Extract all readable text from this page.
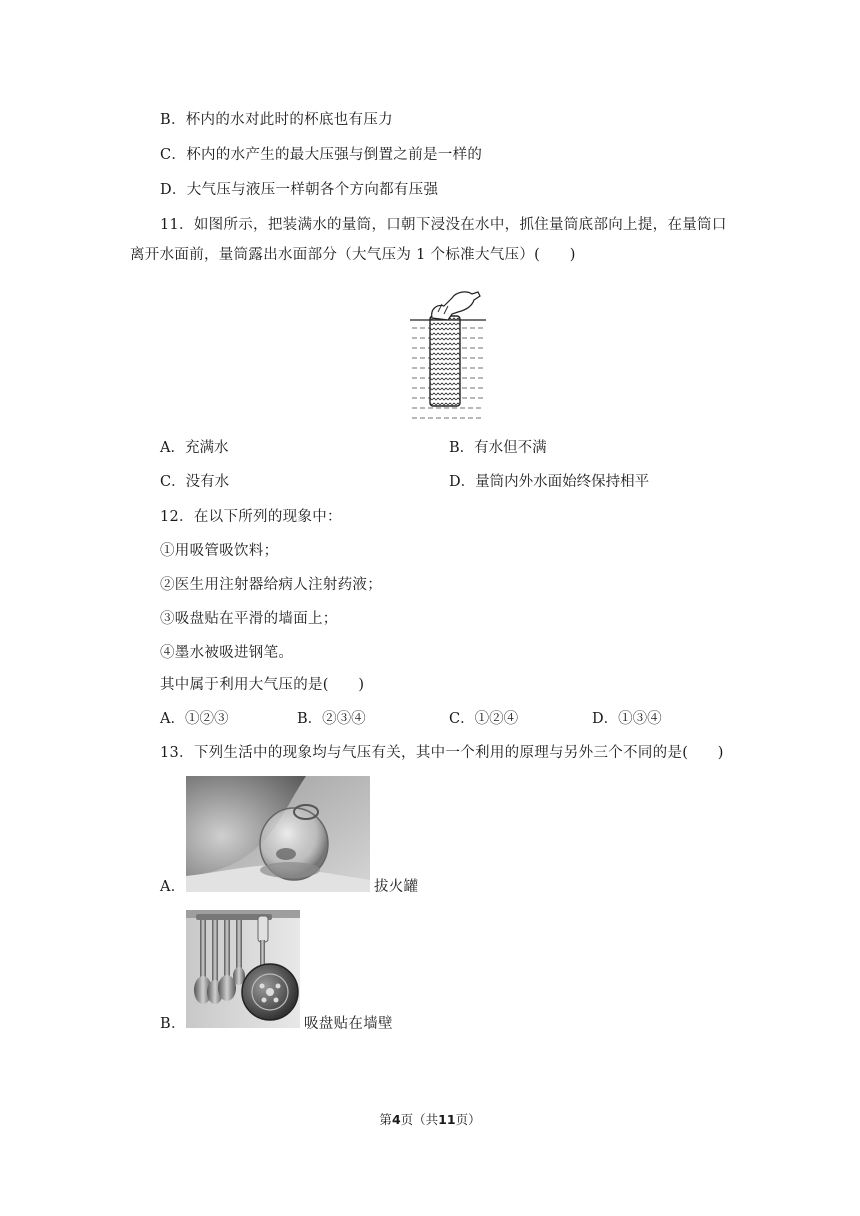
B．杯内的水对此时的杯底也有压力
C．杯内的水产生的最大压强与倒置之前是一样的
D．大气压与液压一样朝各个方向都有压强
11．如图所示，把装满水的量筒，口朝下浸没在水中，抓住量筒底部向上提，在量筒口
离开水面前，量筒露出水面部分（大气压为 1 个标准大气压）(　　)
A．充满水	B．有水但不满
C．没有水	D．量筒内外水面始终保持相平
12．在以下所列的现象中：
①用吸管吸饮料；
②医生用注射器给病人注射药液；
③吸盘贴在平滑的墙面上；
④墨水被吸进钢笔。
其中属于利用大气压的是(　　)
A．①②③	B．②③④	C．①②④	D．①③④
13．下列生活中的现象均与气压有关，其中一个利用的原理与另外三个不同的是(　　)
A．	拔火罐
B．	吸盘贴在墙壁
第4页（共11页）
